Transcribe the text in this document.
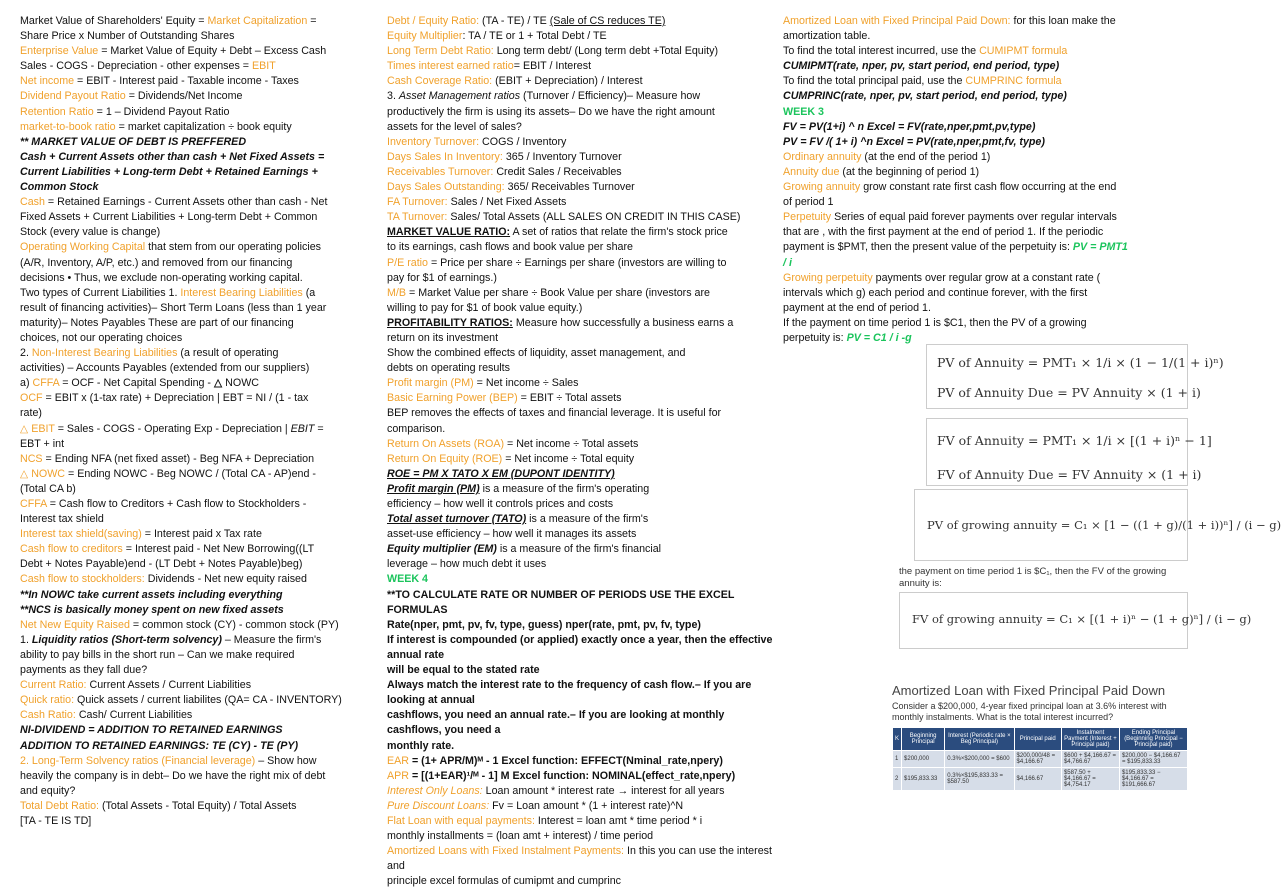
Market Value of Shareholders' Equity = Market Capitalization =
Share Price x Number of Outstanding Shares
Enterprise Value = Market Value of Equity + Debt – Excess Cash
Sales - COGS - Depreciation - other expenses = EBIT
Net income = EBIT - Interest paid - Taxable income - Taxes
Dividend Payout Ratio = Dividends/Net Income
Retention Ratio = 1 – Dividend Payout Ratio
market-to-book ratio = market capitalization ÷ book equity
** MARKET VALUE OF DEBT IS PREFFERED
Cash + Current Assets other than cash + Net Fixed Assets =
Current Liabilities + Long-term Debt + Retained Earnings +
Common Stock
Cash = Retained Earnings - Current Assets other than cash - Net
Fixed Assets + Current Liabilities + Long-term Debt + Common
Stock (every value is change)
Operating Working Capital that stem from our operating policies
(A/R, Inventory, A/P, etc.) and removed from our financing
decisions • Thus, we exclude non-operating working capital.
Two types of Current Liabilities 1. Interest Bearing Liabilities (a
result of financing activities)– Short Term Loans (less than 1 year
maturity)– Notes Payables These are part of our financing
choices, not our operating choices
2. Non-Interest Bearing Liabilities (a result of operating
activities) – Accounts Payables (extended from our suppliers)
a) CFFA = OCF - Net Capital Spending - △ NOWC
OCF = EBIT x (1-tax rate) + Depreciation | EBT = NI / (1 - tax
rate)
△ EBIT = Sales - COGS - Operating Exp - Depreciation | EBIT =
EBT + int
NCS = Ending NFA (net fixed asset) - Beg NFA + Depreciation
△ NOWC = Ending NOWC - Beg NOWC / (Total CA - AP)end -
(Total CA b)
CFFA = Cash flow to Creditors + Cash flow to Stockholders -
Interest tax shield
Interest tax shield(saving) = Interest paid x Tax rate
Cash flow to creditors = Interest paid - Net New Borrowing((LT
Debt + Notes Payable)end - (LT Debt + Notes Payable)beg)
Cash flow to stockholders: Dividends - Net new equity raised
**In NOWC take current assets including everything
**NCS is basically money spent on new fixed assets
Net New Equity Raised = common stock (CY) - common stock (PY)
1. Liquidity ratios (Short-term solvency) – Measure the firm's
ability to pay bills in the short run – Can we make required
payments as they fall due?
Current Ratio: Current Assets / Current Liabilities
Quick ratio: Quick assets / current liabilites (QA= CA - INVENTORY)
Cash Ratio: Cash/ Current Liabilities
NI-DIVIDEND = ADDITION TO RETAINED EARNINGS
ADDITION TO RETAINED EARNINGS: TE (CY) - TE (PY)
2. Long-Term Solvency ratios (Financial leverage) – Show how
heavily the company is in debt– Do we have the right mix of debt
and equity?
Total Debt Ratio: (Total Assets - Total Equity) / Total Assets
[TA - TE IS TD]
Debt / Equity Ratio: (TA - TE) / TE (Sale of CS reduces TE)
Equity Multiplier: TA / TE or 1 + Total Debt / TE
Long Term Debt Ratio: Long term debt/ (Long term debt +Total Equity)
Times interest earned ratio= EBIT / Interest
Cash Coverage Ratio: (EBIT + Depreciation) / Interest
3. Asset Management ratios (Turnover / Efficiency)– Measure how
productively the firm is using its assets– Do we have the right amount
assets for the level of sales?
Inventory Turnover: COGS / Inventory
Days Sales In Inventory: 365 / Inventory Turnover
Receivables Turnover: Credit Sales / Receivables
Days Sales Outstanding: 365/ Receivables Turnover
FA Turnover: Sales / Net Fixed Assets
TA Turnover: Sales/ Total Assets (ALL SALES ON CREDIT IN THIS CASE)
MARKET VALUE RATIO: A set of ratios that relate the firm's stock price
to its earnings, cash flows and book value per share
P/E ratio = Price per share ÷ Earnings per share (investors are willing to
pay for $1 of earnings.)
M/B = Market Value per share ÷ Book Value per share (investors are
willing to pay for $1 of book value equity.)
PROFITABILITY RATIOS: Measure how successfully a business earns a
return on its investment
Show the combined effects of liquidity, asset management, and
debts on operating results
Profit margin (PM) = Net income ÷ Sales
Basic Earning Power (BEP) = EBIT ÷ Total assets
BEP removes the effects of taxes and financial leverage. It is useful for
comparison.
Return On Assets (ROA) = Net income ÷ Total assets
Return On Equity (ROE) = Net income ÷ Total equity
ROE = PM X TATO X EM (DUPONT IDENTITY)
Profit margin (PM) is a measure of the firm's operating
efficiency – how well it controls prices and costs
Total asset turnover (TATO) is a measure of the firm's
asset-use efficiency – how well it manages its assets
Equity multiplier (EM) is a measure of the firm's financial
leverage – how much debt it uses
WEEK 4
**TO CALCULATE RATE OR NUMBER OF PERIODS USE THE EXCEL FORMULAS
Rate(nper, pmt, pv, fv, type, guess) nper(rate, pmt, pv, fv, type)
If interest is compounded (or applied) exactly once a year, then the effective annual rate
will be equal to the stated rate
Always match the interest rate to the frequency of cash flow.– If you are looking at annual
cashflows, you need an annual rate.– If you are looking at monthly cashflows, you need a
monthly rate.
EAR = (1+ APR/M)ᴹ - 1 Excel function: EFFECT(Nminal_rate,npery)
APR = [(1+EAR)¹/ᴹ - 1] M Excel function: NOMINAL(effect_rate,npery)
Interest Only Loans: Loan amount * interest rate → interest for all years
Pure Discount Loans: Fv = Loan amount * (1 + interest rate)^N
Flat Loan with equal payments: Interest = loan amt * time period * i
monthly installments = (loan amt + interest) / time period
Amortized Loans with Fixed Instalment Payments: In this you can use the interest and
principle excel formulas of cumipmt and cumprinc
Amortized Loan with Fixed Principal Paid Down: for this loan make the
amortization table.
To find the total interest incurred, use the CUMIPMT formula
CUMIPMT(rate, nper, pv, start period, end period, type)
To find the total principal paid, use the CUMPRINC formula
CUMPRINC(rate, nper, pv, start period, end period, type)
WEEK 3
FV = PV(1+i) ^ n Excel = FV(rate,nper,pmt,pv,type)
PV = FV /( 1+ i) ^n Excel = PV(rate,nper,pmt,fv, type)
Ordinary annuity (at the end of the period 1)
Annuity due (at the beginning of period 1)
Growing annuity grow constant rate first cash flow occurring at the end
of period 1
Perpetuity Series of equal paid forever payments over regular intervals
that are , with the first payment at the end of period 1. If the periodic
payment is $PMT, then the present value of the perpetuity is: PV = PMT1
/ i
Growing perpetuity payments over regular grow at a constant rate (
intervals which g) each period and continue forever, with the first
payment at the end of period 1.
If the payment on time period 1 is $C1, then the PV of a growing
perpetuity is: PV = C1 / i -g
PV of Annuity = PMT₁ × 1/i × (1 − 1/(1 + i)ⁿ)
PV of Annuity Due = PV Annuity × (1 + i)
FV of Annuity = PMT₁ × 1/i × [(1 + i)ⁿ − 1]
FV of Annuity Due = FV Annuity × (1 + i)
PV of growing annuity = C₁ × [1 − ((1 + g)/(1 + i))ⁿ] / (i − g)
the payment on time period 1 is $C₁, then the FV of the growing annuity is:
FV of growing annuity = C₁ × [(1 + i)ⁿ − (1 + g)ⁿ] / (i − g)
Amortized Loan with Fixed Principal Paid Down
Consider a $200,000, 4-year fixed principal loan at 3.6% interest with monthly instalments. What is the total interest incurred?
K	Beginning Principal	Interest (Periodic rate × Beg Principal)	Principal paid	Instalment Payment (Interest + Principal paid)	Ending Principal (Beginning Principal − Principal paid)
1	$200,000	0.3%×$200,000 = $600	$200,000/48 = $4,166.67	$600 + $4,166.67 = $4,766.67	$200,000 − $4,166.67 = $195,833.33
2	$195,833.33	0.3%×$195,833.33 = $587.50	$4,166.67	$587.50 + $4,166.67 = $4,754.17	$195,833.33 − $4,166.67 = $191,666.67
